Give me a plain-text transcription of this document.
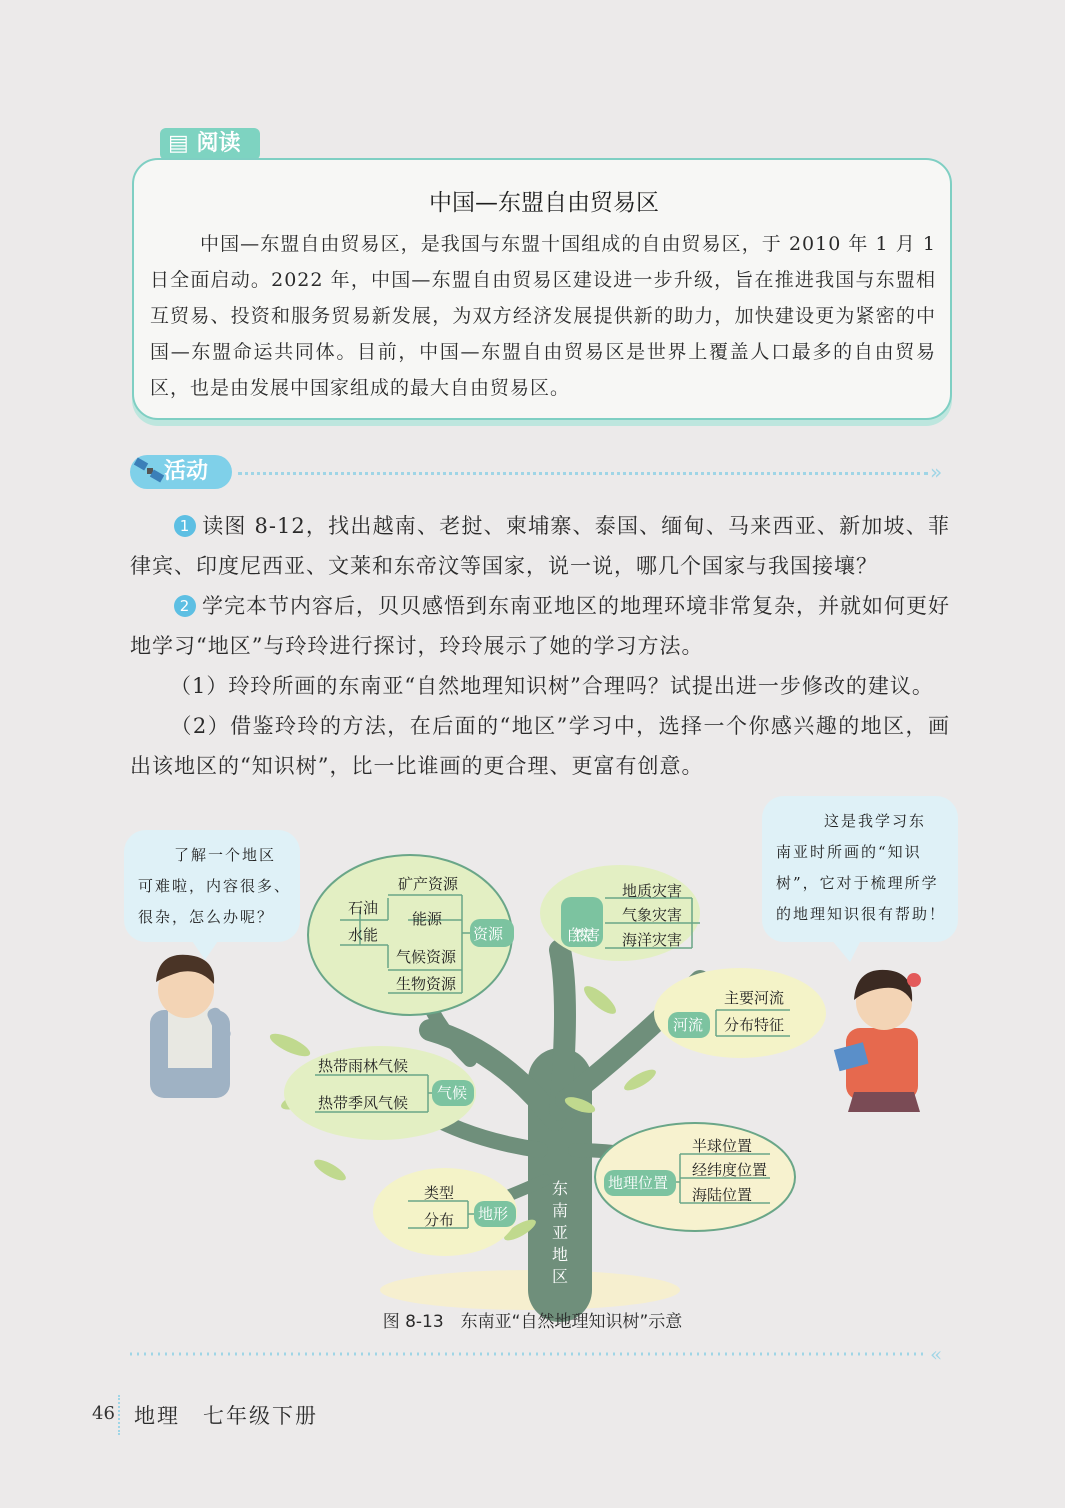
▤ 阅读
中国—东盟自由贸易区
中国—东盟自由贸易区，是我国与东盟十国组成的自由贸易区，于 2010 年 1 月 1 日全面启动。2022 年，中国—东盟自由贸易区建设进一步升级，旨在推进我国与东盟相互贸易、投资和服务贸易新发展，为双方经济发展提供新的助力，加快建设更为紧密的中国—东盟命运共同体。目前，中国—东盟自由贸易区是世界上覆盖人口最多的自由贸易区，也是由发展中国家组成的最大自由贸易区。
活动	»
1 读图 8-12，找出越南、老挝、柬埔寨、泰国、缅甸、马来西亚、新加坡、菲律宾、印度尼西亚、文莱和东帝汶等国家，说一说，哪几个国家与我国接壤？
2 学完本节内容后，贝贝感悟到东南亚地区的地理环境非常复杂，并就如何更好地学习“地区”与玲玲进行探讨，玲玲展示了她的学习方法。
（1）玲玲所画的东南亚“自然地理知识树”合理吗？试提出进一步修改的建议。
（2）借鉴玲玲的方法，在后面的“地区”学习中，选择一个你感兴趣的地区，画出该地区的“知识树”，比一比谁画的更合理、更富有创意。
了解一个地区
可难啦，内容很多、
很杂，怎么办呢？
这是我学习东
南亚时所画的“知识
树”，它对于梳理所学
的地理知识很有帮助！
矿产资源
能源
气候资源
生物资源
石油
水能	资源
地质灾害
气象灾害
海洋灾害
自然灾害
主要河流
分布特征
河流
热带雨林气候
热带季风气候
气候
半球位置
经纬度位置
海陆位置
地理位置
类型
分布 地形
东
南
亚
地
区
«
图 8-13　东南亚“自然地理知识树”示意
46 地理　七年级下册
